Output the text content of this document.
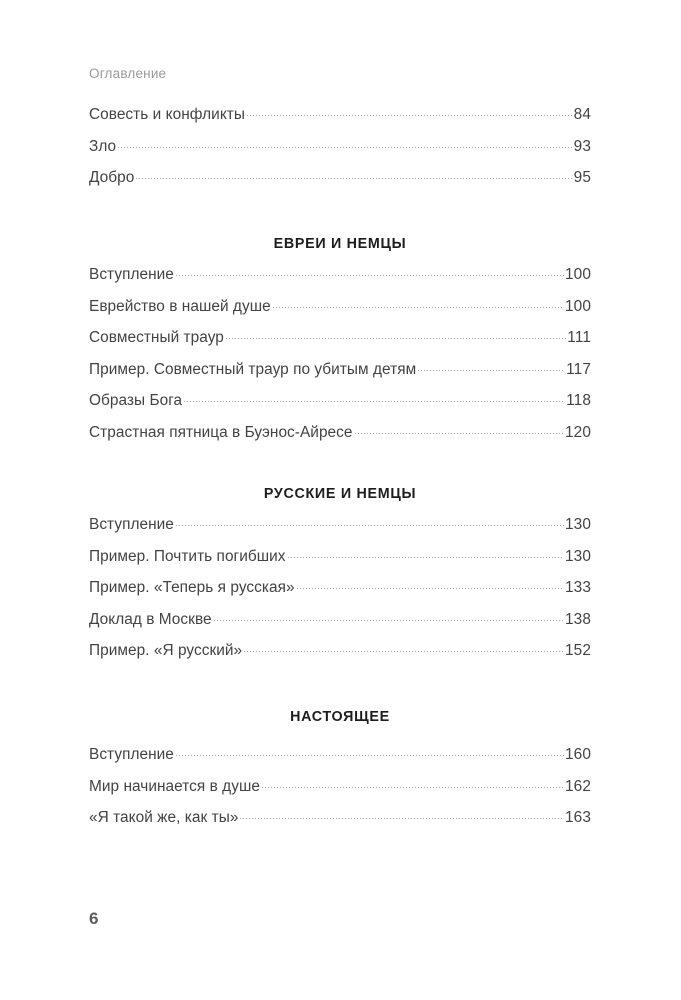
Оглавление
Совесть и конфликты	84
Зло	93
Добро	95
ЕВРЕИ И НЕМЦЫ
Вступление	100
Еврейство в нашей душе	100
Совместный траур	111
Пример. Совместный траур по убитым детям	117
Образы Бога	118
Страстная пятница в Буэнос-Айресе	120
РУССКИЕ И НЕМЦЫ
Вступление	130
Пример. Почтить погибших	130
Пример. «Теперь я русская»	133
Доклад в Москве	138
Пример. «Я русский»	152
НАСТОЯЩЕЕ
Вступление	160
Мир начинается в душе	162
«Я такой же, как ты»	163
6
